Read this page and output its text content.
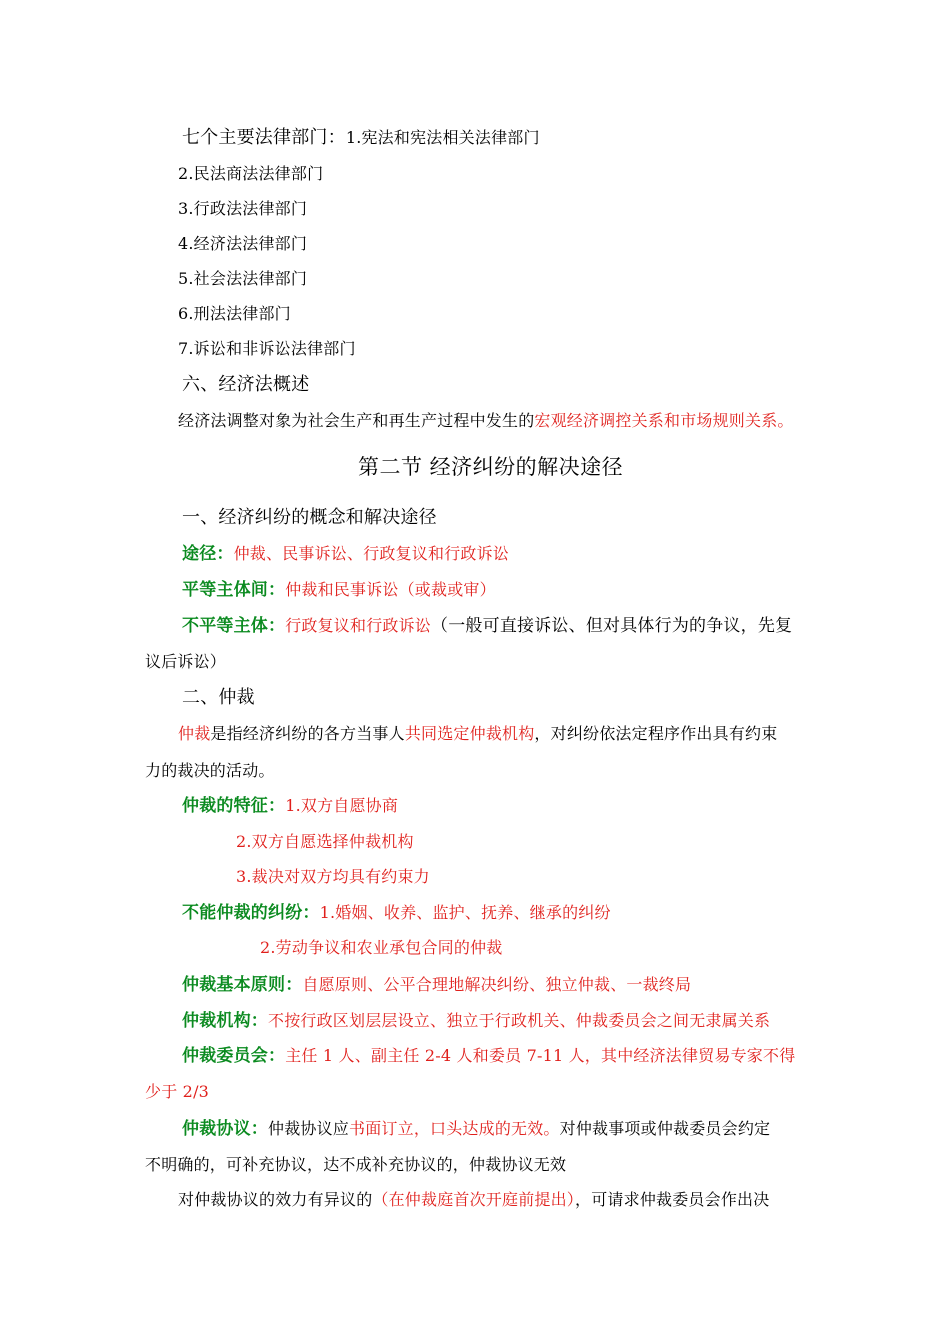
七个主要法律部门：1.宪法和宪法相关法律部门
2.民法商法法律部门
3.行政法法律部门
4.经济法法律部门
5.社会法法律部门
6.刑法法律部门
7.诉讼和非诉讼法律部门
六、经济法概述
经济法调整对象为社会生产和再生产过程中发生的宏观经济调控关系和市场规则关系。
第二节 经济纠纷的解决途径
一、经济纠纷的概念和解决途径
途径：仲裁、民事诉讼、行政复议和行政诉讼
平等主体间：仲裁和民事诉讼（或裁或审）
不平等主体：行政复议和行政诉讼（一般可直接诉讼、但对具体行为的争议，先复
议后诉讼）
二、仲裁
仲裁是指经济纠纷的各方当事人共同选定仲裁机构，对纠纷依法定程序作出具有约束
力的裁决的活动。
仲裁的特征：1.双方自愿协商
2.双方自愿选择仲裁机构
3.裁决对双方均具有约束力
不能仲裁的纠纷：1.婚姻、收养、监护、抚养、继承的纠纷
2.劳动争议和农业承包合同的仲裁
仲裁基本原则：自愿原则、公平合理地解决纠纷、独立仲裁、一裁终局
仲裁机构：不按行政区划层层设立、独立于行政机关、仲裁委员会之间无隶属关系
仲裁委员会：主任 1 人、副主任 2-4 人和委员 7-11 人，其中经济法律贸易专家不得
少于 2/3
仲裁协议：仲裁协议应书面订立，口头达成的无效。对仲裁事项或仲裁委员会约定
不明确的，可补充协议，达不成补充协议的，仲裁协议无效
对仲裁协议的效力有异议的（在仲裁庭首次开庭前提出），可请求仲裁委员会作出决
